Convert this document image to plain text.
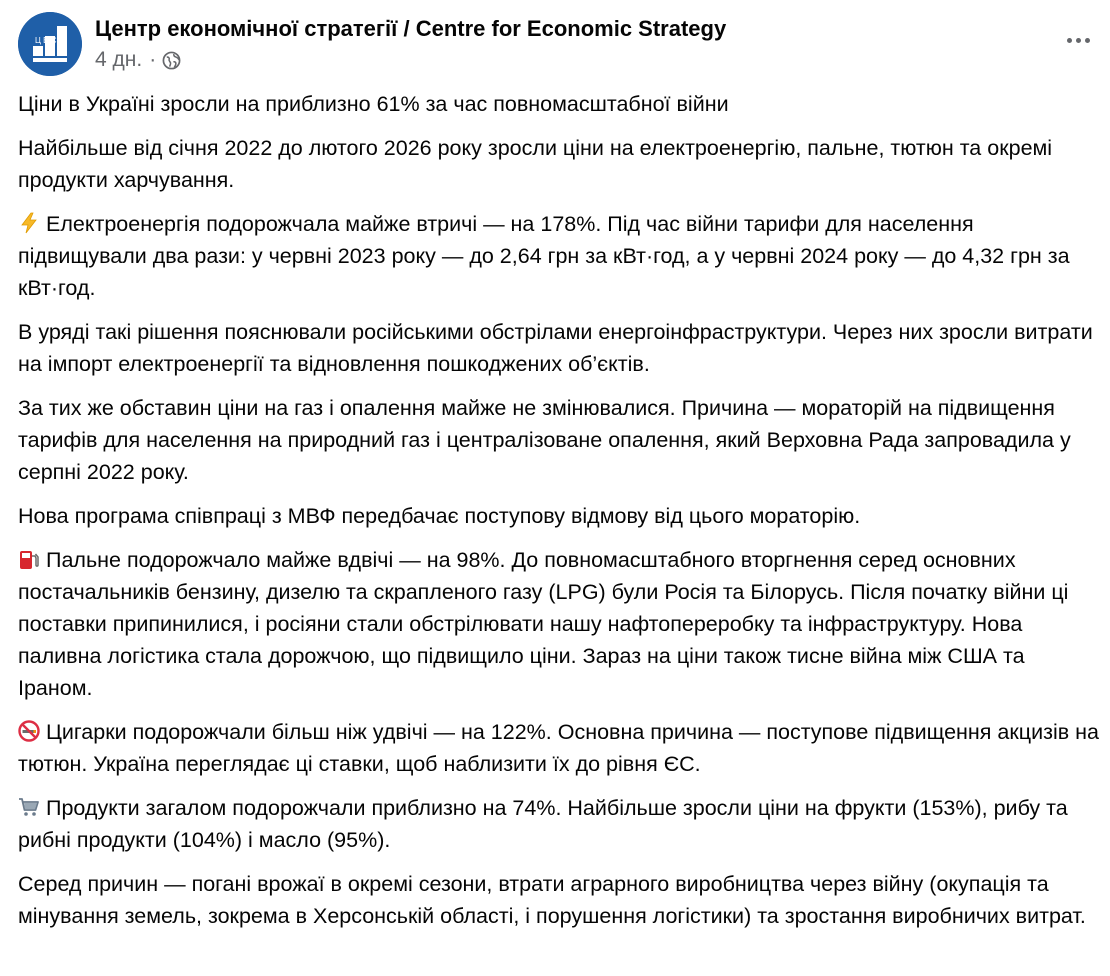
Ц Е С Центр економічної стратегії / Centre for Economic Strategy
4 дн. ·

Ціни в Україні зросли на приблизно 61% за час повномасштабної війни

Найбільше від січня 2022 до лютого 2026 року зросли ціни на електроенергію, пальне, тютюн та окремі продукти харчування.

Електроенергія подорожчала майже втричі — на 178%. Під час війни тарифи для населення підвищували два рази: у червні 2023 року — до 2,64 грн за кВт·год, а у червні 2024 року — до 4,32 грн за кВт·год.

В уряді такі рішення пояснювали російськими обстрілами енергоінфраструктури. Через них зросли витрати на імпорт електроенергії та відновлення пошкоджених об’єктів.

За тих же обставин ціни на газ і опалення майже не змінювалися. Причина — мораторій на підвищення тарифів для населення на природний газ і централізоване опалення, який Верховна Рада запровадила у серпні 2022 року.

Нова програма співпраці з МВФ передбачає поступову відмову від цього мораторію.

Пальне подорожчало майже вдвічі — на 98%. До повномасштабного вторгнення серед основних постачальників бензину, дизелю та скрапленого газу (LPG) були Росія та Білорусь. Після початку війни ці поставки припинилися, і росіяни стали обстрілювати нашу нафтопереробку та інфраструктуру. Нова паливна логістика стала дорожчою, що підвищило ціни. Зараз на ціни також тисне війна між США та Іраном.

Цигарки подорожчали більш ніж удвічі — на 122%. Основна причина — поступове підвищення акцизів на тютюн. Україна переглядає ці ставки, щоб наблизити їх до рівня ЄС.

Продукти загалом подорожчали приблизно на 74%. Найбільше зросли ціни на фрукти (153%), рибу та рибні продукти (104%) і масло (95%).

Серед причин — погані врожаї в окремі сезони, втрати аграрного виробництва через війну (окупація та мінування земель, зокрема в Херсонській області, і порушення логістики) та зростання виробничих витрат.
